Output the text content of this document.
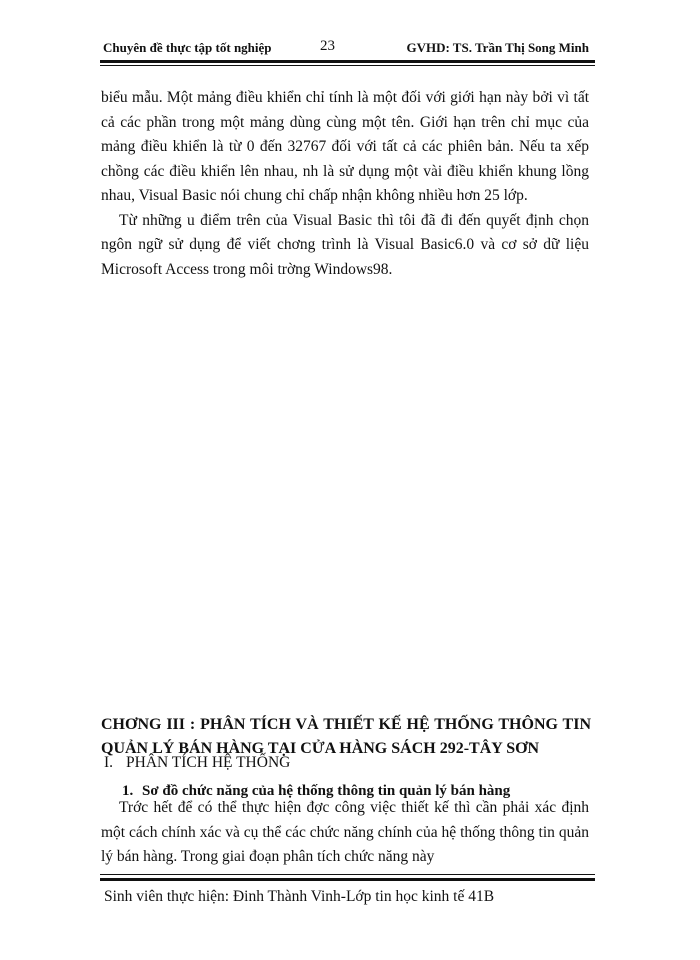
Chuyên đề thực tập tốt nghiệp	23	GVHD: TS. Trần Thị Song Minh

biểu mẫu. Một mảng điều khiển chỉ tính là một đối với giới hạn này bởi vì tất cả các phần trong một mảng dùng cùng một tên. Giới hạn trên chỉ mục của mảng điều khiển là từ 0 đến 32767 đối với tất cả các phiên bản. Nếu ta xếp chồng các điều khiển lên nhau, nh là sử dụng một vài điều khiển khung lồng nhau, Visual Basic nói chung chỉ chấp nhận không nhiều hơn 25 lớp.

Từ những u điểm trên của Visual Basic thì tôi đã đi đến quyết định chọn ngôn ngữ sử dụng để viết chơng trình là Visual Basic6.0 và cơ sở dữ liệu Microsoft Access trong môi trờng Windows98.

CHƠNG III : PHÂN TÍCH VÀ THIẾT KẾ HỆ THỐNG THÔNG TIN QUẢN LÝ BÁN HÀNG TẠI CỬA HÀNG SÁCH 292-TÂY SƠN
I. PHÂN TÍCH HỆ THỐNG
1. Sơ đồ chức năng của hệ thống thông tin quản lý bán hàng

Trớc hết để có thể thực hiện đợc công việc thiết kế thì cần phải xác định một cách chính xác và cụ thể các chức năng chính của hệ thống thông tin quản lý bán hàng. Trong giai đoạn phân tích chức năng này

Sinh viên thực hiện: Đinh Thành Vinh-Lớp tin học kinh tế 41B
